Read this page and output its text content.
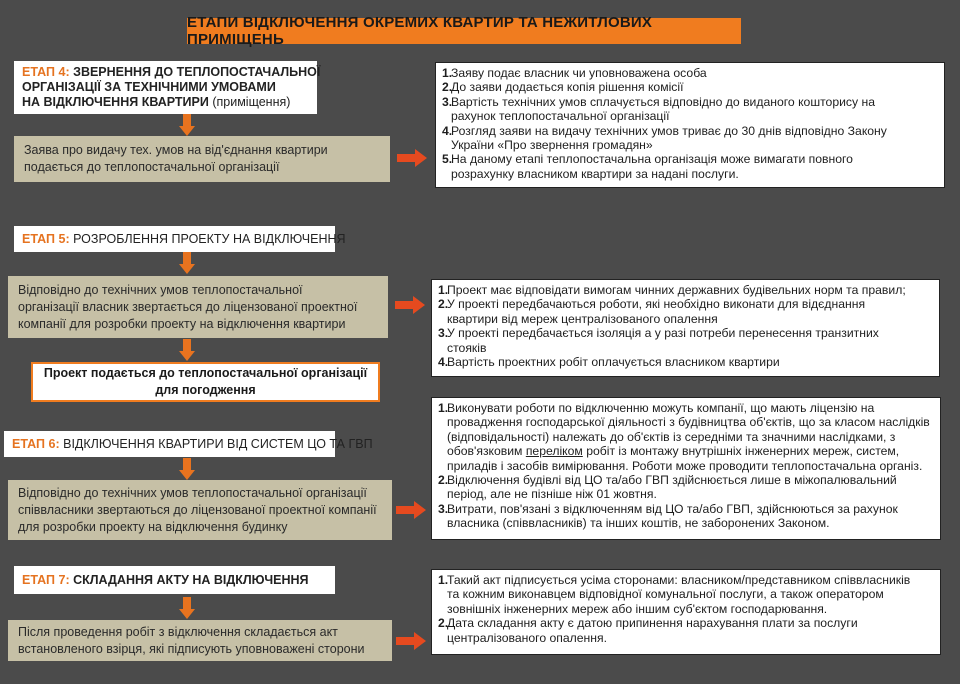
ЕТАПИ ВІДКЛЮЧЕННЯ ОКРЕМИХ КВАРТИР ТА НЕЖИТЛОВИХ ПРИМІЩЕНЬ
ЕТАП 4: ЗВЕРНЕННЯ ДО ТЕПЛОПОСТАЧАЛЬНОЇ
ОРГАНІЗАЦІЇ ЗА ТЕХНІЧНИМИ УМОВАМИ
НА ВІДКЛЮЧЕННЯ КВАРТИРИ (приміщення)
Заява про видачу тех. умов на від'єднання квартири
подається до теплопостачальної організації
1.
Заяву подає власник чи уповноважена особа
2.
До заяви додається копія рішення комісії
3.
Вартість технічних умов сплачується відповідно до виданого кошторису на
рахунок теплопостачальної організації
4.
Розгляд заяви на видачу технічних умов триває до 30 днів відповідно Закону
України «Про звернення громадян»
5.
На даному етапі теплопостачальна організація може вимагати повного
розрахунку власником квартири за надані послуги.
ЕТАП 5: РОЗРОБЛЕННЯ ПРОЕКТУ НА ВІДКЛЮЧЕННЯ
Відповідно до технічних умов теплопостачальної
організації власник звертається до ліцензованої проектної
компанії для розробки проекту на відключення квартири
Проект подається до теплопостачальної організації
для погодження
1.
Проект має відповідати вимогам чинних державних будівельних норм та правил;
2.
У проекті передбачаються роботи, які необхідно виконати для відєднання
квартири від мереж централізованого опалення
3.
У проекті передбачається ізоляція а у разі потреби перенесення транзитних
стояків
4.
Вартість проектних робіт оплачується власником квартири
ЕТАП 6: ВІДКЛЮЧЕННЯ КВАРТИРИ ВІД СИСТЕМ ЦО ТА ГВП
Відповідно до технічних умов теплопостачальної організації
співвласники звертаються до ліцензованої проектної компанії
для розробки проекту на відключення будинку
1.
Виконувати роботи по відключенню можуть компанії, що мають ліцензію на
провадження господарської діяльності з будівництва об'єктів, що за класом наслідків
(відповідальності) належать до об'єктів із середніми та значними наслідками, з
обов'язковим переліком робіт із монтажу внутрішніх інженерних мереж, систем,
приладів і засобів вимірювання. Роботи може проводити теплопостачальна організ.
2.
Відключення будівлі від ЦО та/або ГВП здійснюється лише в міжопалювальний
період, але не пізніше ніж 01 жовтня.
3.
Витрати, пов'язані з відключенням від ЦО та/або ГВП, здійснюються за рахунок
власника (співвласників) та інших коштів, не заборонених Законом.
ЕТАП 7: СКЛАДАННЯ АКТУ НА ВІДКЛЮЧЕННЯ
Після проведення робіт з відключення складається акт
встановленого взірця, які підписують уповноважені сторони
1.
Такий акт підписується усіма сторонами: власником/представником співвласників
та кожним виконавцем відповідної комунальної послуги, а також оператором
зовнішніх інженерних мереж або іншим суб'єктом господарювання.
2.
Дата складання акту є датою припинення нарахування плати за послуги
централізованого опалення.
